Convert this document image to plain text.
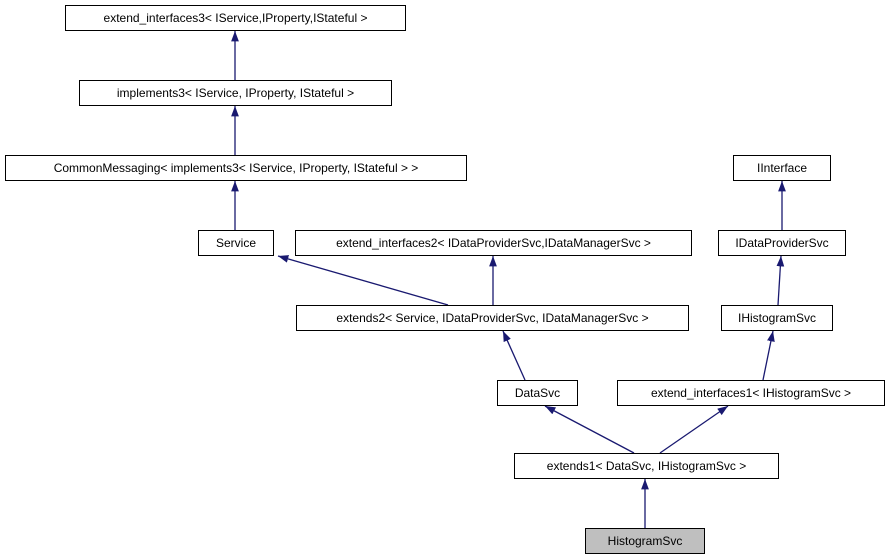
extend_interfaces3< IService,IProperty,IStateful >
implements3< IService, IProperty, IStateful >
CommonMessaging< implements3< IService, IProperty, IStateful > >	IInterface
Service	extend_interfaces2< IDataProviderSvc,IDataManagerSvc >	IDataProviderSvc
extends2< Service, IDataProviderSvc, IDataManagerSvc >	IHistogramSvc
DataSvc	extend_interfaces1< IHistogramSvc >
extends1< DataSvc, IHistogramSvc >
HistogramSvc
